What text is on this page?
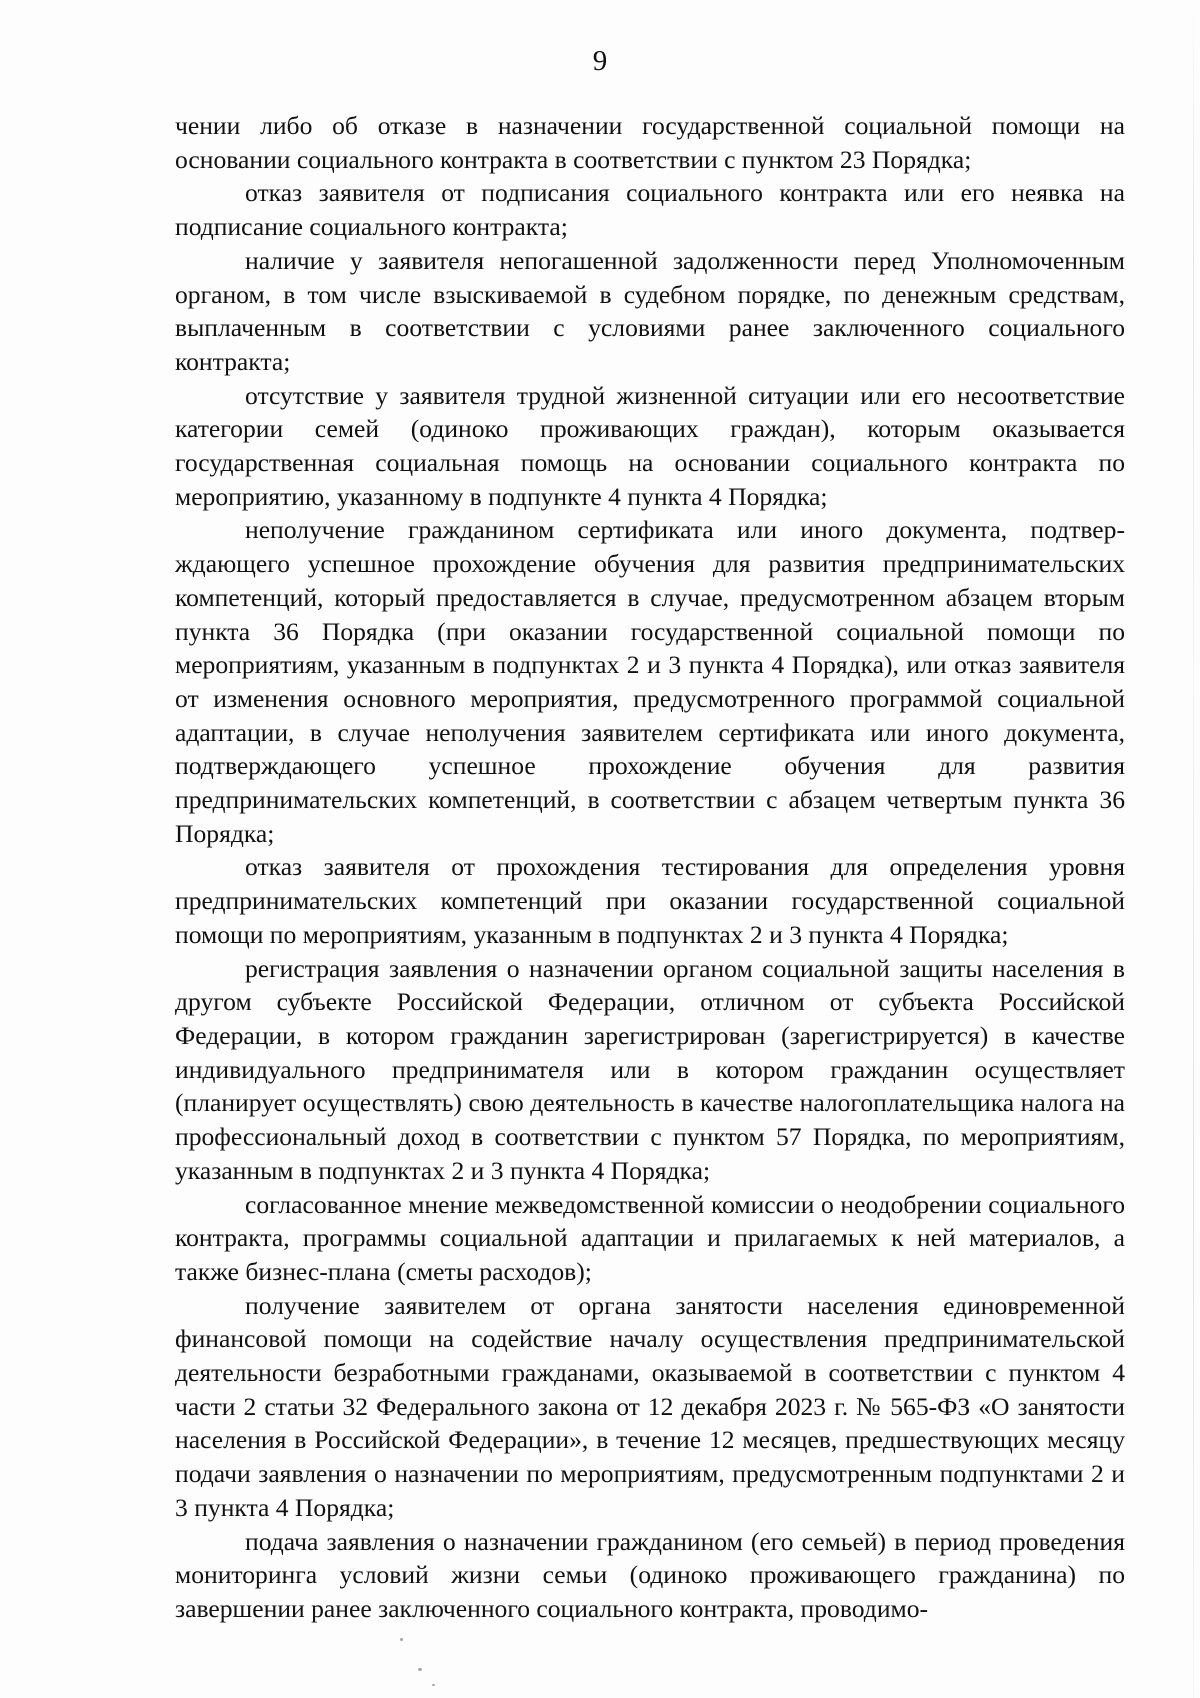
9

чении либо об отказе в назначении государственной социальной помощи на основании социального контракта в соответствии с пунктом 23 Порядка;

отказ заявителя от подписания социального контракта или его неявка на подписание социального контракта;

наличие у заявителя непогашенной задолженности перед Уполномоченным органом, в том числе взыскиваемой в судебном порядке, по денежным средствам, выплаченным в соответствии с условиями ранее заключенного социального контракта;

отсутствие у заявителя трудной жизненной ситуации или его несоответствие категории семей (одиноко проживающих граждан), которым оказывается государственная социальная помощь на основании социального контракта по мероприятию, указанному в подпункте 4 пункта 4 Порядка;

неполучение гражданином сертификата или иного документа, подтверждающего успешное прохождение обучения для развития предпринимательских компетенций, который предоставляется в случае, предусмотренном абзацем вторым пункта 36 Порядка (при оказании государственной социальной помощи по мероприятиям, указанным в подпунктах 2 и 3 пункта 4 Порядка), или отказ заявителя от изменения основного мероприятия, предусмотренного программой социальной адаптации, в случае неполучения заявителем сертификата или иного документа, подтверждающего успешное прохождение обучения для развития предпринимательских компетенций, в соответствии с абзацем четвертым пункта 36 Порядка;

отказ заявителя от прохождения тестирования для определения уровня предпринимательских компетенций при оказании государственной социальной помощи по мероприятиям, указанным в подпунктах 2 и 3 пункта 4 Порядка;

регистрация заявления о назначении органом социальной защиты населения в другом субъекте Российской Федерации, отличном от субъекта Российской Федерации, в котором гражданин зарегистрирован (зарегистрируется) в качестве индивидуального предпринимателя или в котором гражданин осуществляет (планирует осуществлять) свою деятельность в качестве налогоплательщика налога на профессиональный доход в соответствии с пунктом 57 Порядка, по мероприятиям, указанным в подпунктах 2 и 3 пункта 4 Порядка;

согласованное мнение межведомственной комиссии о неодобрении социального контракта, программы социальной адаптации и прилагаемых к ней материалов, а также бизнес-плана (сметы расходов);

получение заявителем от органа занятости населения единовременной финансовой помощи на содействие началу осуществления предпринимательской деятельности безработными гражданами, оказываемой в соответствии с пунктом 4 части 2 статьи 32 Федерального закона от 12 декабря 2023 г. № 565-ФЗ «О занятости населения в Российской Федерации», в течение 12 месяцев, предшествующих месяцу подачи заявления о назначении по мероприятиям, предусмотренным подпунктами 2 и 3 пункта 4 Порядка;

подача заявления о назначении гражданином (его семьей) в период проведения мониторинга условий жизни семьи (одиноко проживающего гражданина) по завершении ранее заключенного социального контракта, проводимо-
